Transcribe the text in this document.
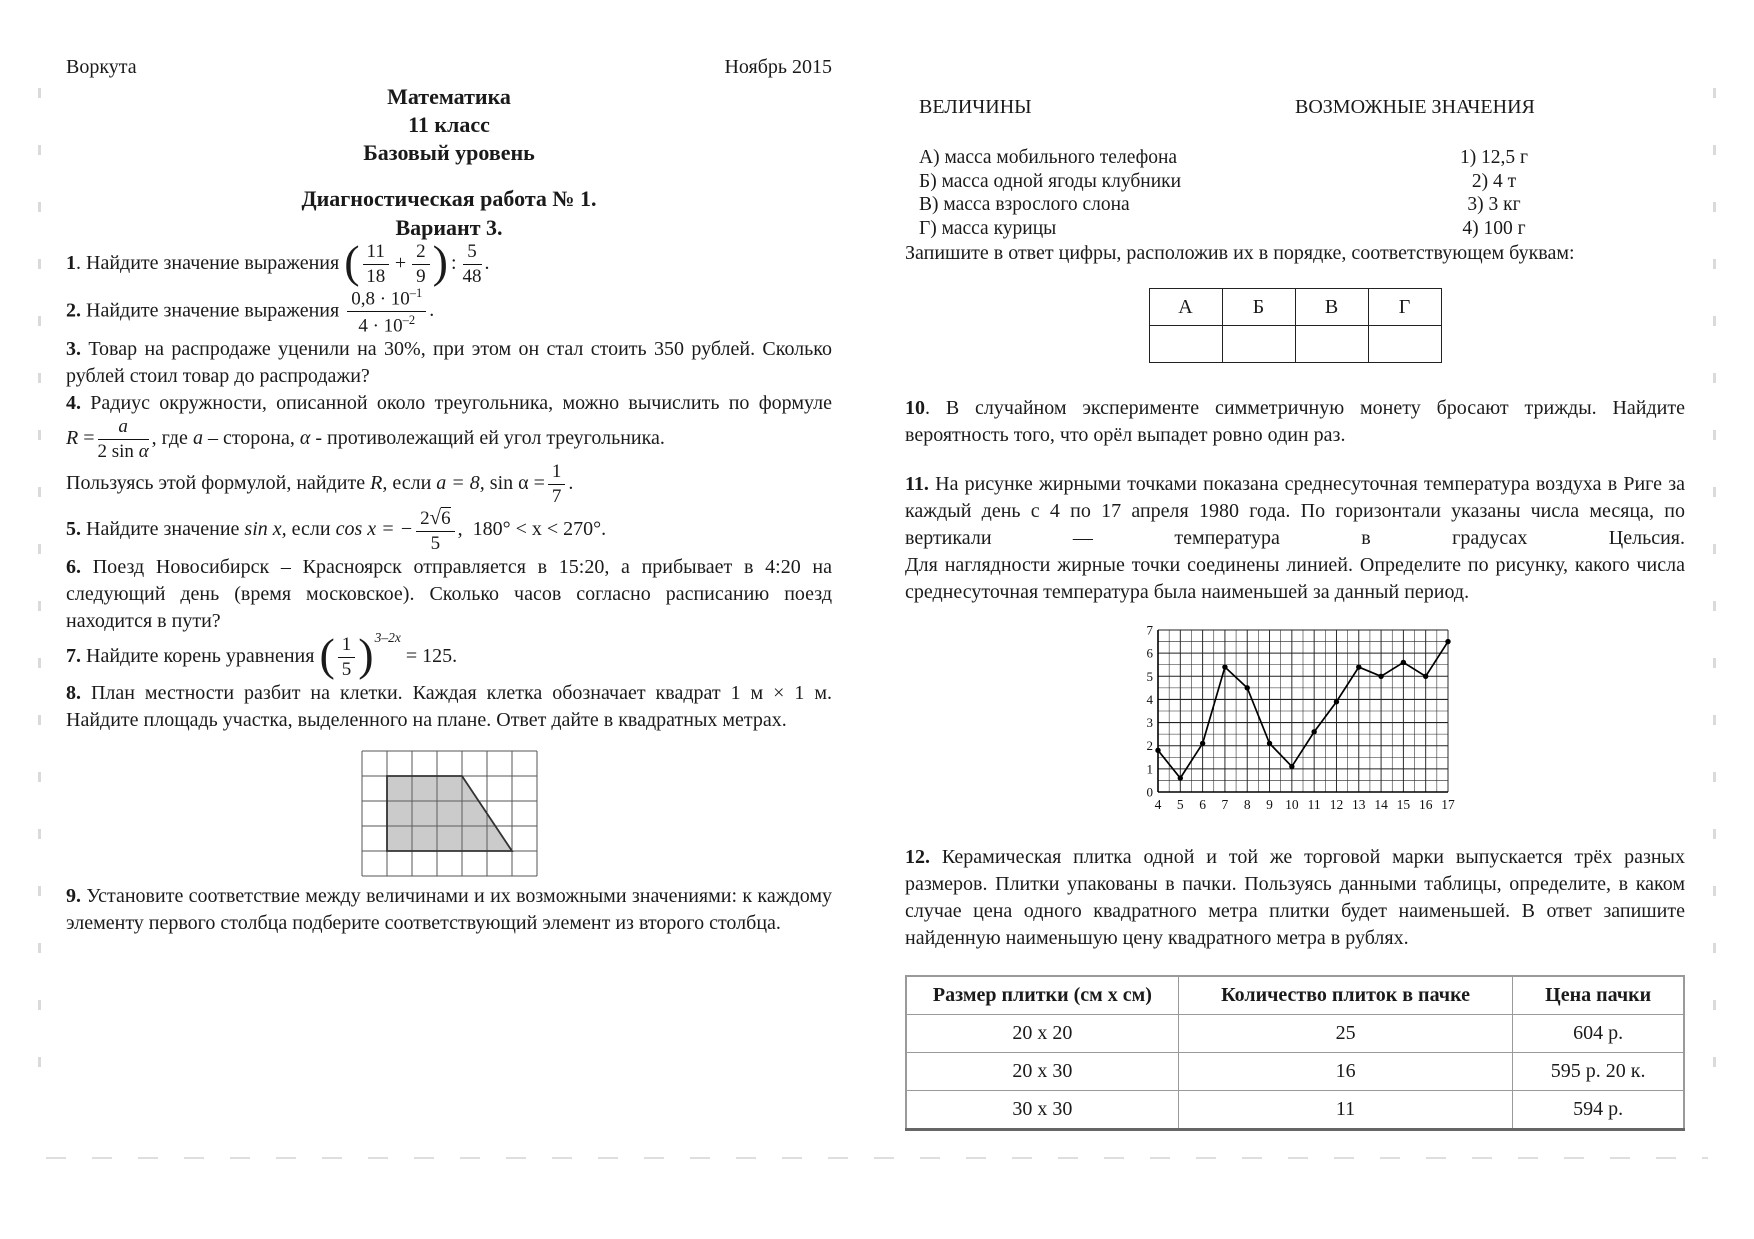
Воркута	Ноябрь 2015
Математика
11 класс
Базовый уровень
Диагностическая работа № 1.
Вариант 3.

1. Найдите значение выражения ( $\frac{11}{18} + \frac{2}{9}$ ) : $\frac{5}{48}$ .

2. Найдите значение выражения $\frac{0,8 \cdot 10^{-1}}{4 \cdot 10^{-2}}$ .

3. Товар на распродаже уценили на 30%, при этом он стал стоить 350 рублей. Сколько рублей стоил товар до распродажи?

4. Радиус окружности, описанной около треугольника, можно вычислить по формуле $R = \frac{a}{\text{2 sin α}}$ , где a – сторона, α - противолежащий ей угол треугольника.

Пользуясь этой формулой, найдите R, если a = 8, $\sin \alpha = \frac{1}{7}$ .

5. Найдите значение sin x, если cos x = − $\frac{2√6}{5}$ , 180° < x < 270°.

6. Поезд Новосибирск – Красноярск отправляется в 15:20, а прибывает в 4:20 на следующий день (время московское). Сколько часов согласно расписанию поезд находится в пути?

7. Найдите корень уравнения ( $\frac{1}{5} )^{3-2x} = 125$.

8. План местности разбит на клетки. Каждая клетка обозначает квадрат 1 м × 1 м. Найдите площадь участка, выделенного на плане. Ответ дайте в квадратных метрах.

9. Установите соответствие между величинами и их возможными значениями: к каждому элементу первого столбца подберите соответствующий элемент из второго столбца.

ВЕЛИЧИНЫ	ВОЗМОЖНЫЕ ЗНАЧЕНИЯ
А) масса мобильного телефона	1) 12,5 г
Б) масса одной ягоды клубники	2) 4 т
В) масса взрослого слона	3) 3 кг
Г) масса курицы	4) 100 г

Запишите в ответ цифры, расположив их в порядке, соответствующем буквам:

А	Б	В	Г

10. В случайном эксперименте симметричную монету бросают трижды. Найдите вероятность того, что орёл выпадет ровно один раз.

11. На рисунке жирными точками показана среднесуточная температура воздуха в Риге за каждый день с 4 по 17 апреля 1980 года. По горизонтали указаны числа месяца, по вертикали — температура в градусах Цельсия.

Для наглядности жирные точки соединены линией. Определите по рисунку, какого числа среднесуточная температура была наименьшей за данный период.

0
1
2
3
4
5
6
7
4 5 6 7 8 9 10 11 12 13 14 15 16 17

12. Керамическая плитка одной и той же торговой марки выпускается трёх разных размеров. Плитки упакованы в пачки. Пользуясь данными таблицы, определите, в каком случае цена одного квадратного метра плитки будет наименьшей. В ответ запишите найденную наименьшую цену квадратного метра в рублях.

Размер плитки (см x см)	Количество плиток в пачке	Цена пачки
20 x 20	25	604 р.
20 x 30	16	595 р. 20 к.
30 x 30	11	594 р.
